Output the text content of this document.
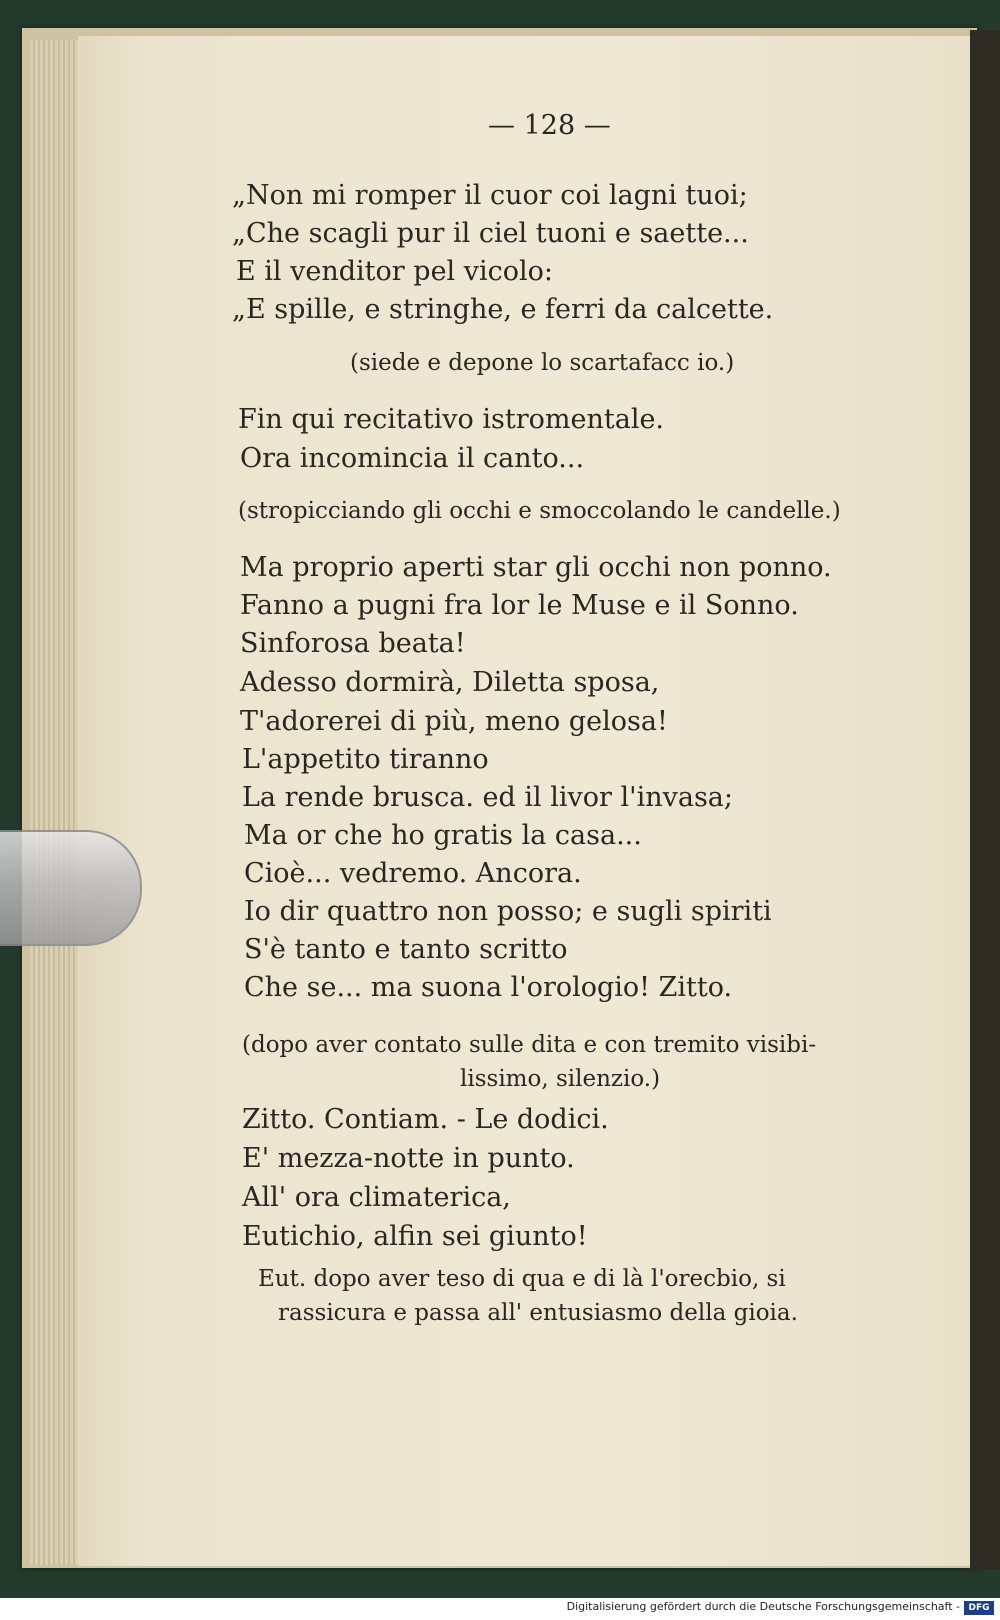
— 128 —
„Non mi romper il cuor coi lagni tuoi;
„Che scagli pur il ciel tuoni e saette...
E il venditor pel vicolo:
„E spille, e stringhe, e ferri da calcette.
(siede e depone lo scartafacc io.)
Fin qui recitativo istromentale.
Ora incomincia il canto...
(stropicciando gli occhi e smoccolando le candelle.)
Ma proprio aperti star gli occhi non ponno.
Fanno a pugni fra lor le Muse e il Sonno.
Sinforosa beata!
Adesso dormirà, Diletta sposa,
T'adorerei di più, meno gelosa!
L'appetito tiranno
La rende brusca. ed il livor l'invasa;
Ma or che ho gratis la casa...
Cioè... vedremo. Ancora.
Io dir quattro non posso; e sugli spiriti
S'è tanto e tanto scritto
Che se... ma suona l'orologio! Zitto.
(dopo aver contato sulle dita e con tremito visibi-
lissimo, silenzio.)
Zitto. Contiam. - Le dodici.
E' mezza-notte in punto.
All' ora climaterica,
Eutichio, alfin sei giunto!
Eut. dopo aver teso di qua e di là l'orecbio, si
rassicura e passa all' entusiasmo della gioia.
Digitalisierung gefördert durch die Deutsche Forschungsgemeinschaft - DFG
